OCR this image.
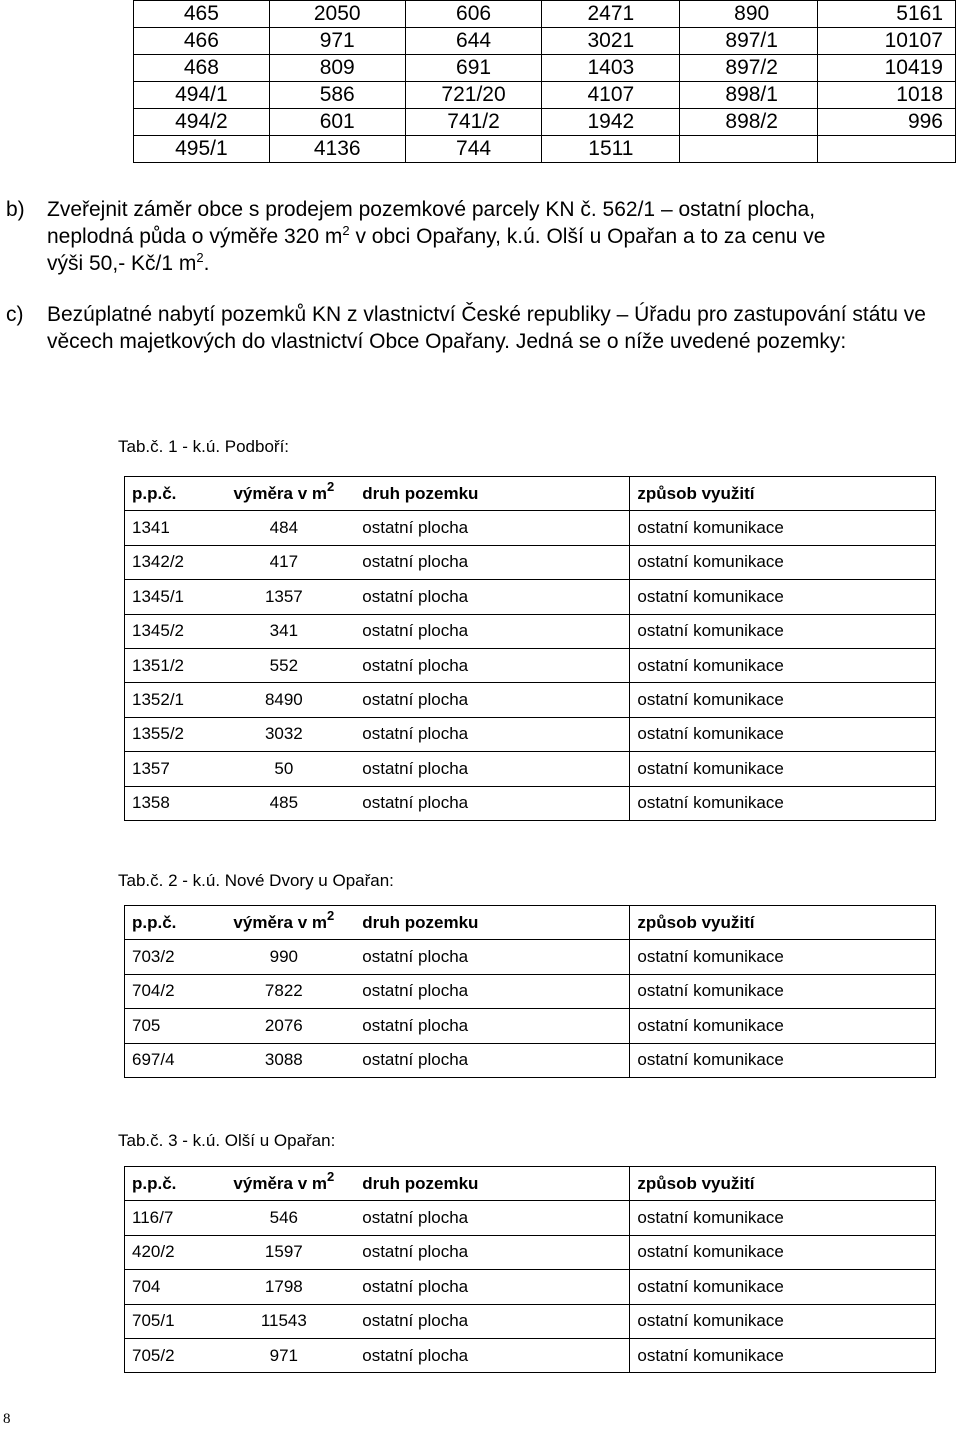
465	2050	606	2471	890	5161
466	971	644	3021	897/1	10107
468	809	691	1403	897/2	10419
494/1	586	721/20	4107	898/1	1018
494/2	601	741/2	1942	898/2	996
495/1	4136	744	1511		
b) Zveřejnit záměr obce s prodejem pozemkové parcely KN č. 562/1 – ostatní plocha,
neplodná půda o výměře 320 $m^2$ v obci Opařany, k.ú. Olší u Opařan a to za cenu ve
výši 50,- Kč/1 $m^2$.
c) Bezúplatné nabytí pozemků KN z vlastnictví České republiky – Úřadu pro zastupování státu ve věcech majetkových do vlastnictví Obce Opařany. Jedná se o níže uvedené pozemky:
Tab.č. 1 - k.ú. Podboří:
p.p.č.	výměra v $m^2$	druh pozemku	způsob využití
1341	484	ostatní plocha	ostatní komunikace
1342/2	417	ostatní plocha	ostatní komunikace
1345/1	1357	ostatní plocha	ostatní komunikace
1345/2	341	ostatní plocha	ostatní komunikace
1351/2	552	ostatní plocha	ostatní komunikace
1352/1	8490	ostatní plocha	ostatní komunikace
1355/2	3032	ostatní plocha	ostatní komunikace
1357	50	ostatní plocha	ostatní komunikace
1358	485	ostatní plocha	ostatní komunikace
Tab.č. 2 - k.ú. Nové Dvory u Opařan:
p.p.č.	výměra v $m^2$	druh pozemku	způsob využití
703/2	990	ostatní plocha	ostatní komunikace
704/2	7822	ostatní plocha	ostatní komunikace
705	2076	ostatní plocha	ostatní komunikace
697/4	3088	ostatní plocha	ostatní komunikace
Tab.č. 3 - k.ú. Olší u Opařan:
p.p.č.	výměra v $m^2$	druh pozemku	způsob využití
116/7	546	ostatní plocha	ostatní komunikace
420/2	1597	ostatní plocha	ostatní komunikace
704	1798	ostatní plocha	ostatní komunikace
705/1	11543	ostatní plocha	ostatní komunikace
705/2	971	ostatní plocha	ostatní komunikace
8
